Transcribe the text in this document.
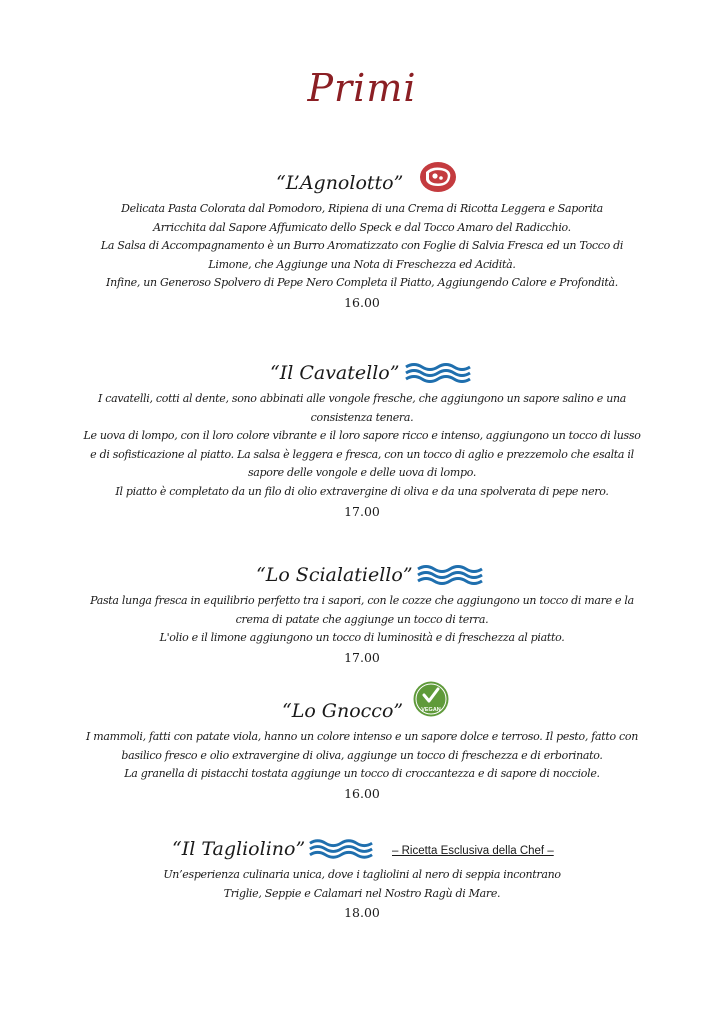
Primi
“L’Agnolotto”
Delicata Pasta Colorata dal Pomodoro, Ripiena di una Crema di Ricotta Leggera e Saporita
Arricchita dal Sapore Affumicato dello Speck e dal Tocco Amaro del Radicchio.
La Salsa di Accompagnamento è un Burro Aromatizzato con Foglie di Salvia Fresca ed un Tocco di
Limone, che Aggiunge una Nota di Freschezza ed Acidità.
Infine, un Generoso Spolvero di Pepe Nero Completa il Piatto, Aggiungendo Calore e Profondità.
16.00
“Il Cavatello”
I cavatelli, cotti al dente, sono abbinati alle vongole fresche, che aggiungono un sapore salino e una
consistenza tenera.
Le uova di lompo, con il loro colore vibrante e il loro sapore ricco e intenso, aggiungono un tocco di lusso
e di sofisticazione al piatto. La salsa è leggera e fresca, con un tocco di aglio e prezzemolo che esalta il
sapore delle vongole e delle uova di lompo.
Il piatto è completato da un filo di olio extravergine di oliva e da una spolverata di pepe nero.
17.00
“Lo Scialatiello”
Pasta lunga fresca in equilibrio perfetto tra i sapori, con le cozze che aggiungono un tocco di mare e la
crema di patate che aggiunge un tocco di terra.
L'olio e il limone aggiungono un tocco di luminosità e di freschezza al piatto.
17.00
“Lo Gnocco”	VEGAN
I mammoli, fatti con patate viola, hanno un colore intenso e un sapore dolce e terroso. Il pesto, fatto con
basilico fresco e olio extravergine di oliva, aggiunge un tocco di freschezza e di erborinato.
La granella di pistacchi tostata aggiunge un tocco di croccantezza e di sapore di nocciole.
16.00
“Il Tagliolino”	– Ricetta Esclusiva della Chef –
Un’esperienza culinaria unica, dove i tagliolini al nero di seppia incontrano
Triglie, Seppie e Calamari nel Nostro Ragù di Mare.
18.00
